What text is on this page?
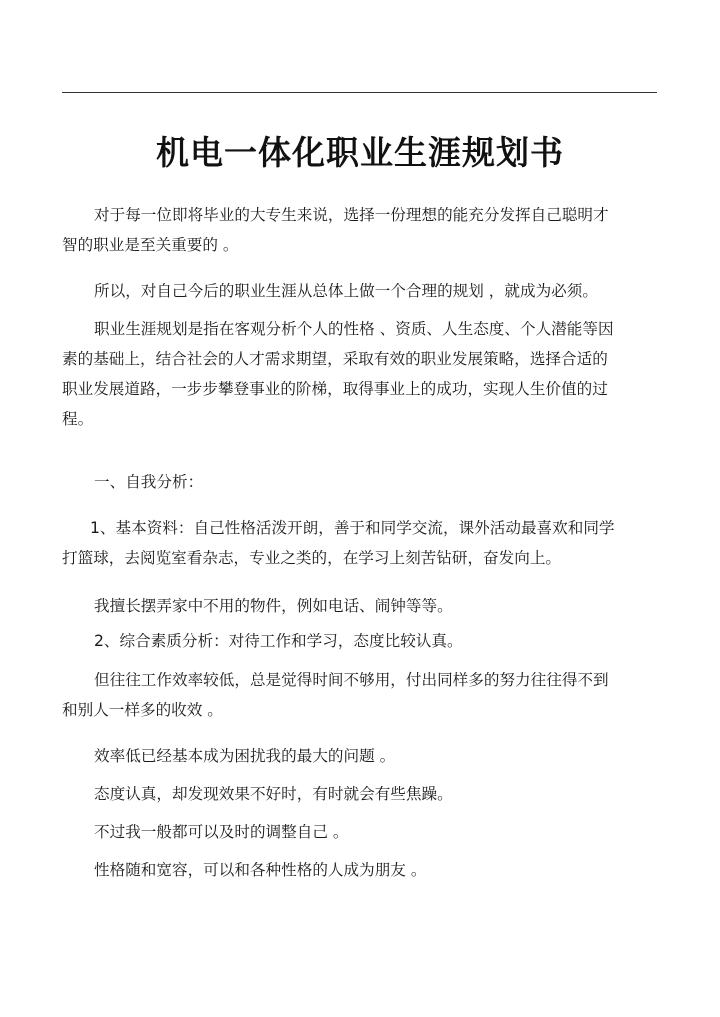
机电一体化职业生涯规划书
对于每一位即将毕业的大专生来说，选择一份理想的能充分发挥自己聪明才
智的职业是至关重要的 。
所以，对自己今后的职业生涯从总体上做一个合理的规划 ，就成为必须。
职业生涯规划是指在客观分析个人的性格 、资质、人生态度、个人潜能等因
素的基础上，结合社会的人才需求期望，采取有效的职业发展策略，选择合适的
职业发展道路，一步步攀登事业的阶梯，取得事业上的成功，实现人生价值的过
程。
一、自我分析：
1、基本资料：自己性格活泼开朗，善于和同学交流，课外活动最喜欢和同学
打篮球，去阅览室看杂志，专业之类的，在学习上刻苦钻研，奋发向上。
我擅长摆弄家中不用的物件，例如电话、闹钟等等。
2、综合素质分析：对待工作和学习，态度比较认真。
但往往工作效率较低，总是觉得时间不够用，付出同样多的努力往往得不到
和别人一样多的收效 。
效率低已经基本成为困扰我的最大的问题 。
态度认真，却发现效果不好时，有时就会有些焦躁。
不过我一般都可以及时的调整自己 。
性格随和宽容，可以和各种性格的人成为朋友 。
